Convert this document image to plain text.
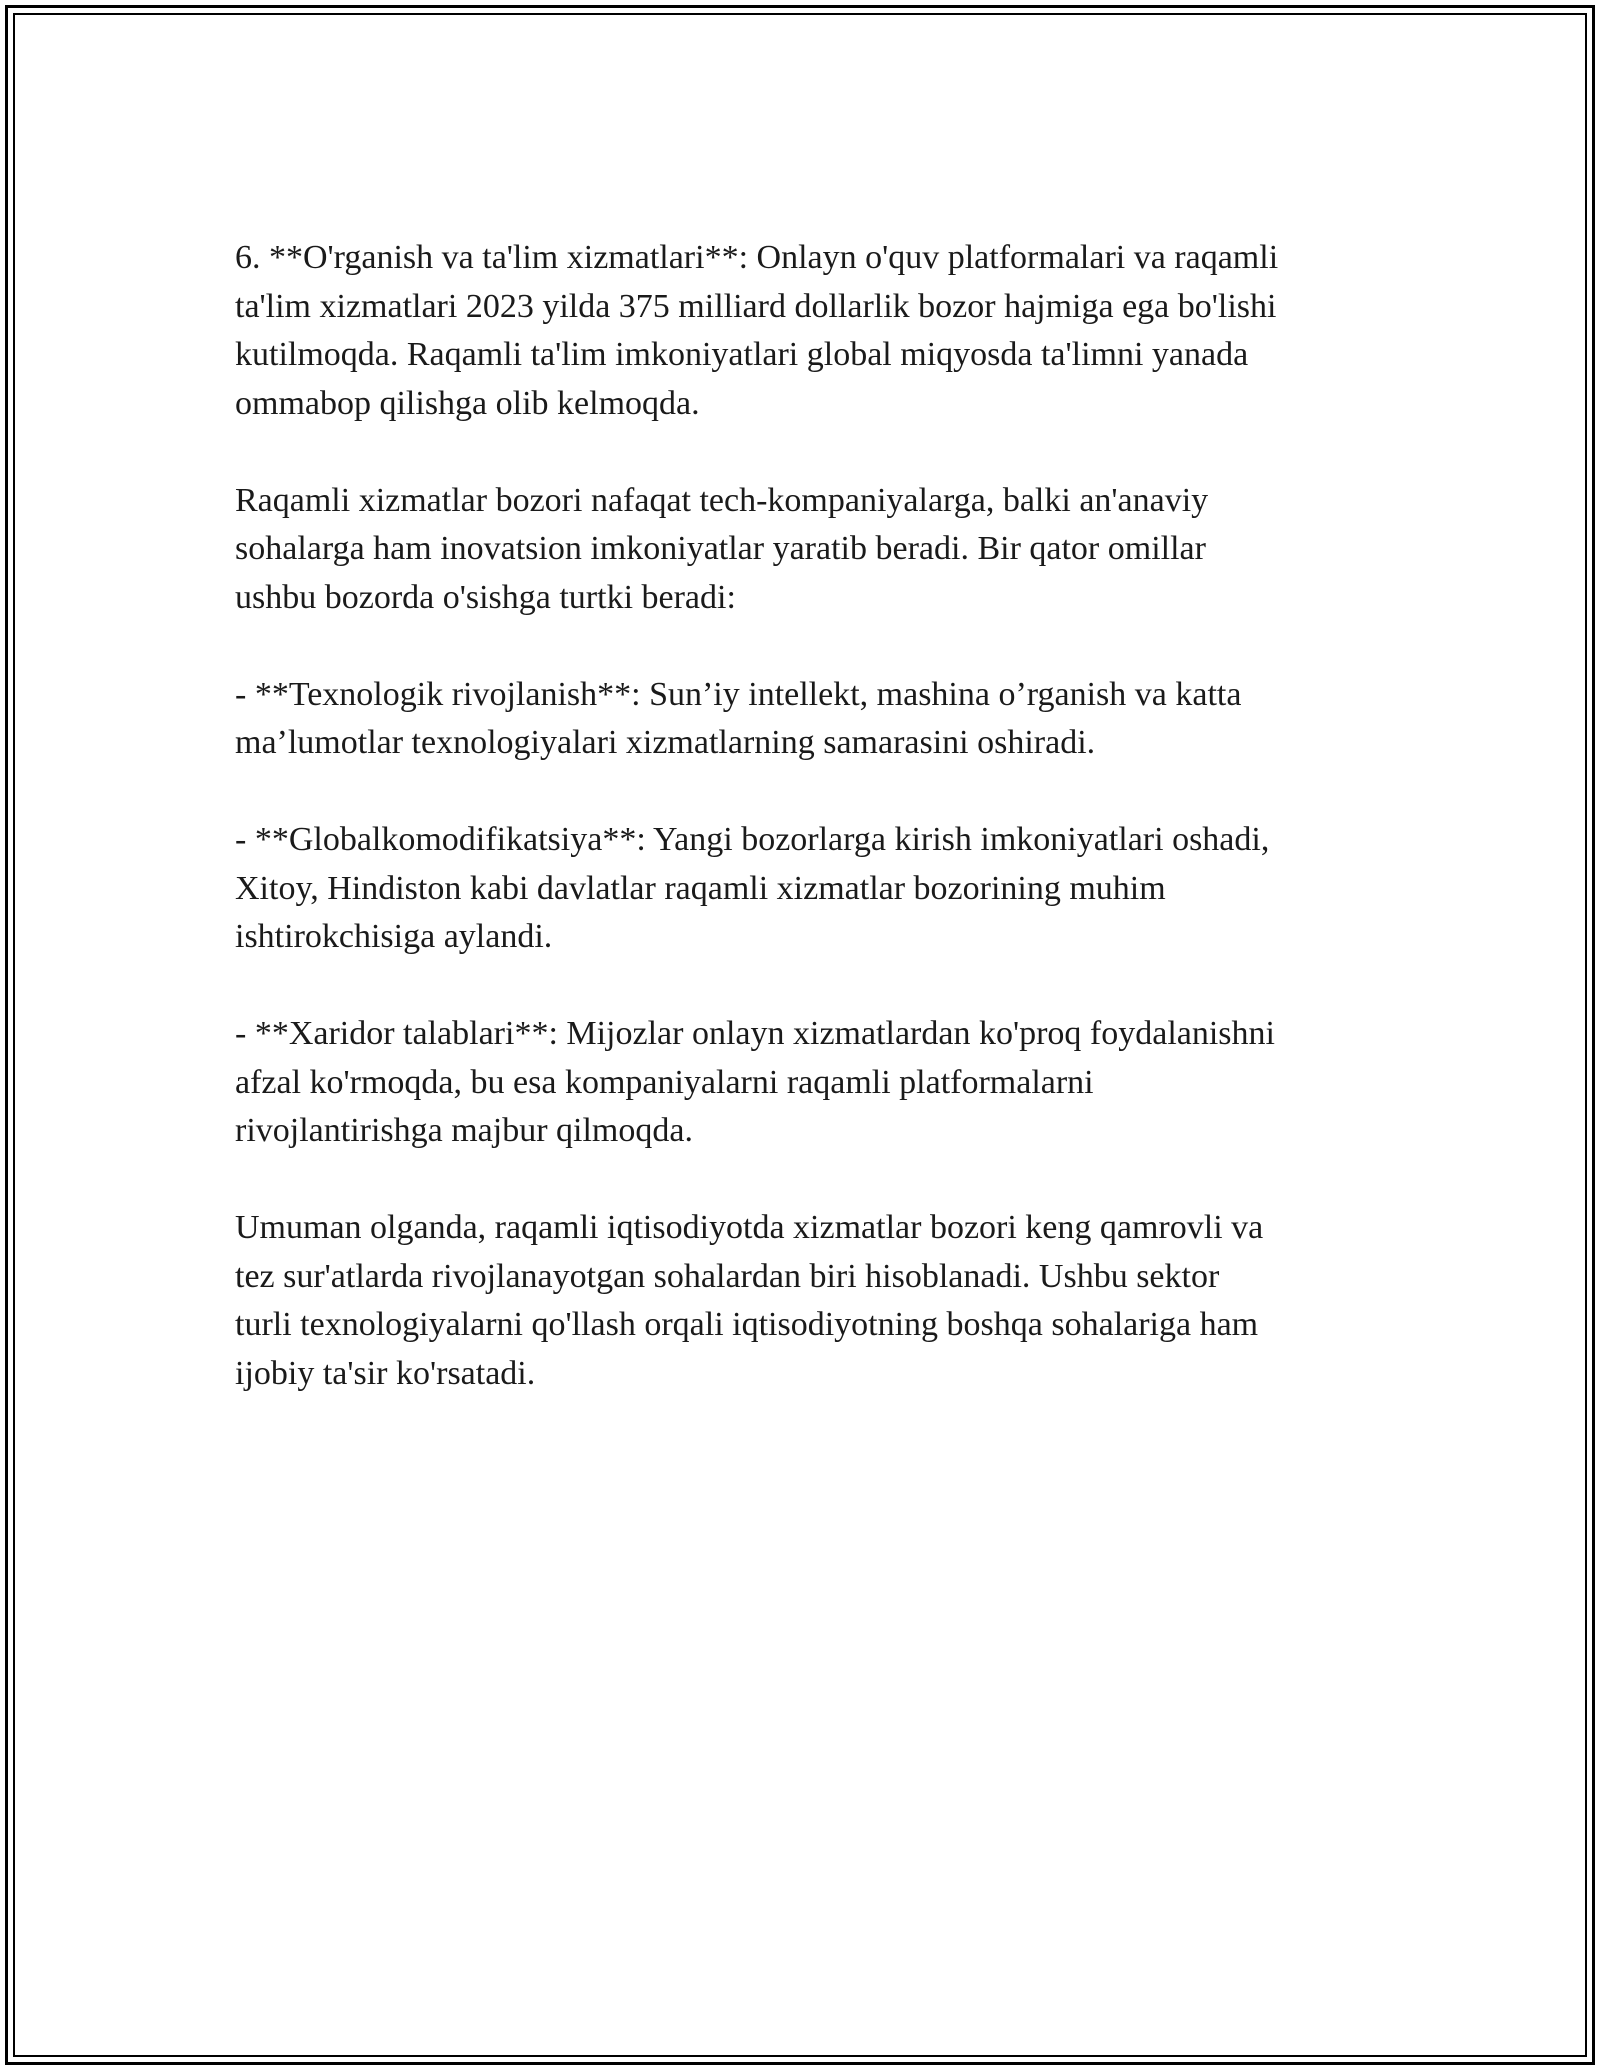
6. **O'rganish va ta'lim xizmatlari**: Onlayn o'quv platformalari va raqamli
ta'lim xizmatlari 2023 yilda 375 milliard dollarlik bozor hajmiga ega bo'lishi
kutilmoqda. Raqamli ta'lim imkoniyatlari global miqyosda ta'limni yanada
ommabop qilishga olib kelmoqda.

Raqamli xizmatlar bozori nafaqat tech-kompaniyalarga, balki an'anaviy
sohalarga ham inovatsion imkoniyatlar yaratib beradi. Bir qator omillar
ushbu bozorda o'sishga turtki beradi:

- **Texnologik rivojlanish**: Sun’iy intellekt, mashina o’rganish va katta
ma’lumotlar texnologiyalari xizmatlarning samarasini oshiradi.

- **Globalkomodifikatsiya**: Yangi bozorlarga kirish imkoniyatlari oshadi,
Xitoy, Hindiston kabi davlatlar raqamli xizmatlar bozorining muhim
ishtirokchisiga aylandi.

- **Xaridor talablari**: Mijozlar onlayn xizmatlardan ko'proq foydalanishni
afzal ko'rmoqda, bu esa kompaniyalarni raqamli platformalarni
rivojlantirishga majbur qilmoqda.

Umuman olganda, raqamli iqtisodiyotda xizmatlar bozori keng qamrovli va
tez sur'atlarda rivojlanayotgan sohalardan biri hisoblanadi. Ushbu sektor
turli texnologiyalarni qo'llash orqali iqtisodiyotning boshqa sohalariga ham
ijobiy ta'sir ko'rsatadi.
